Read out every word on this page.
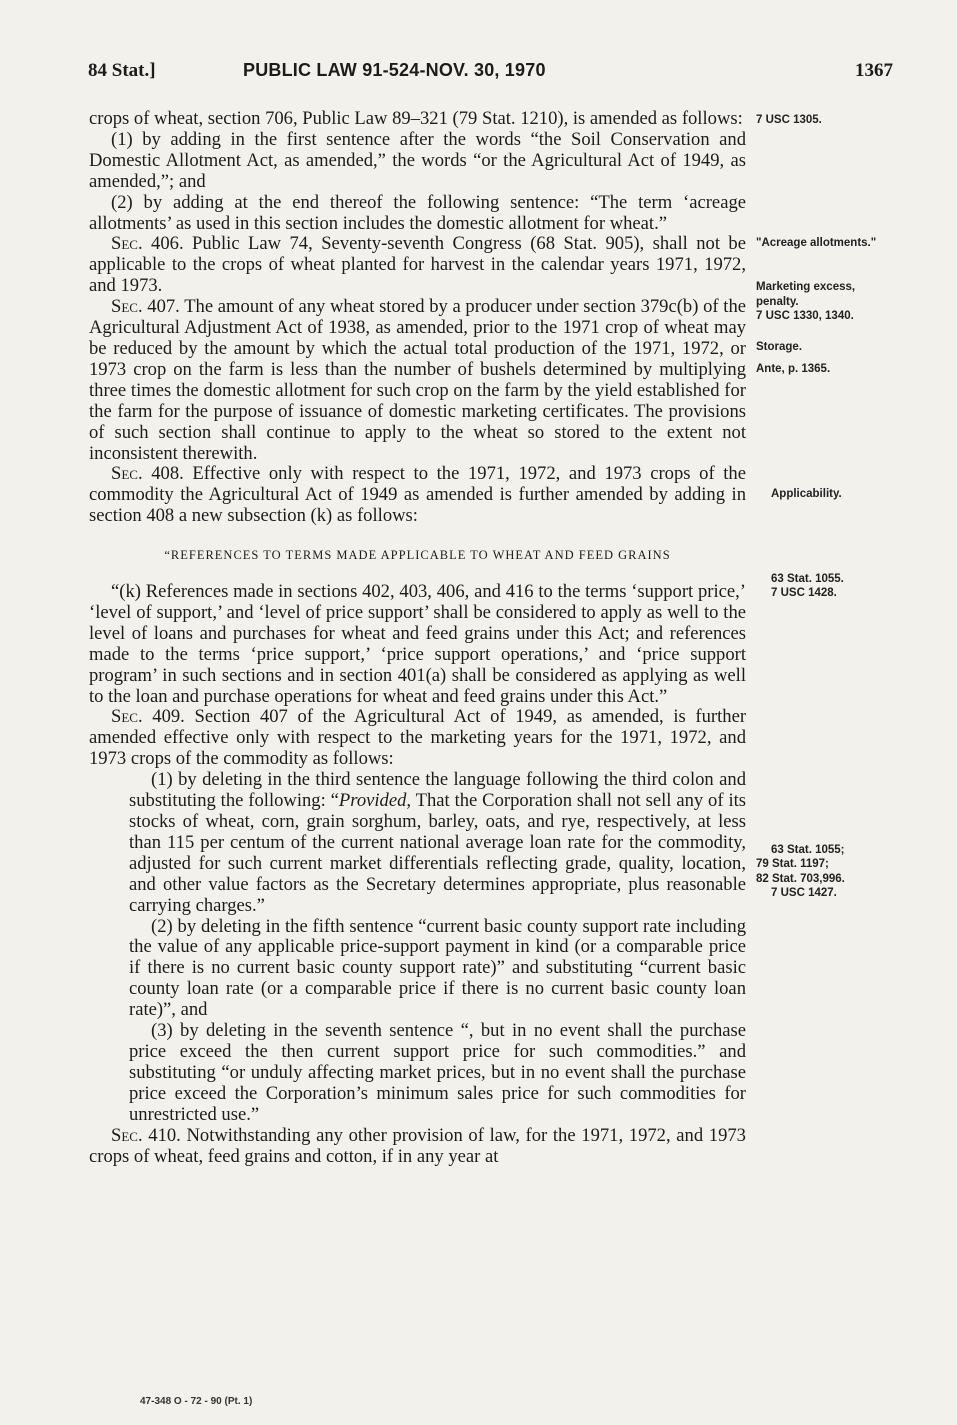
84 Stat.]	PUBLIC LAW 91-524-NOV. 30, 1970	1367

crops of wheat, section 706, Public Law 89–321 (79 Stat. 1210), is amended as follows:

(1) by adding in the first sentence after the words “the Soil Conservation and Domestic Allotment Act, as amended,” the words “or the Agricultural Act of 1949, as amended,”; and

(2) by adding at the end thereof the following sentence: “The term ‘acreage allotments’ as used in this section includes the domestic allotment for wheat.”

Sec. 406. Public Law 74, Seventy-seventh Congress (68 Stat. 905), shall not be applicable to the crops of wheat planted for harvest in the calendar years 1971, 1972, and 1973.

Sec. 407. The amount of any wheat stored by a producer under section 379c(b) of the Agricultural Adjustment Act of 1938, as amended, prior to the 1971 crop of wheat may be reduced by the amount by which the actual total production of the 1971, 1972, or 1973 crop on the farm is less than the number of bushels determined by multiplying three times the domestic allotment for such crop on the farm by the yield established for the farm for the purpose of issuance of domestic marketing certificates. The provisions of such section shall continue to apply to the wheat so stored to the extent not inconsistent therewith.

Sec. 408. Effective only with respect to the 1971, 1972, and 1973 crops of the commodity the Agricultural Act of 1949 as amended is further amended by adding in section 408 a new subsection (k) as follows:

“REFERENCES TO TERMS MADE APPLICABLE TO WHEAT AND FEED GRAINS

“(k) References made in sections 402, 403, 406, and 416 to the terms ‘support price,’ ‘level of support,’ and ‘level of price support’ shall be considered to apply as well to the level of loans and purchases for wheat and feed grains under this Act; and references made to the terms ‘price support,’ ‘price support operations,’ and ‘price support program’ in such sections and in section 401(a) shall be considered as applying as well to the loan and purchase operations for wheat and feed grains under this Act.”

Sec. 409. Section 407 of the Agricultural Act of 1949, as amended, is further amended effective only with respect to the marketing years for the 1971, 1972, and 1973 crops of the commodity as follows:

(1) by deleting in the third sentence the language following the third colon and substituting the following: “Provided, That the Corporation shall not sell any of its stocks of wheat, corn, grain sorghum, barley, oats, and rye, respectively, at less than 115 per centum of the current national average loan rate for the commodity, adjusted for such current market differentials reflecting grade, quality, location, and other value factors as the Secretary determines appropriate, plus reasonable carrying charges.”

(2) by deleting in the fifth sentence “current basic county support rate including the value of any applicable price-support payment in kind (or a comparable price if there is no current basic county support rate)” and substituting “current basic county loan rate (or a comparable price if there is no current basic county loan rate)”, and

(3) by deleting in the seventh sentence “, but in no event shall the purchase price exceed the then current support price for such commodities.” and substituting “or unduly affecting market prices, but in no event shall the purchase price exceed the Corporation’s minimum sales price for such commodities for unrestricted use.”

Sec. 410. Notwithstanding any other provision of law, for the 1971, 1972, and 1973 crops of wheat, feed grains and cotton, if in any year at

7 USC 1305.
"Acreage allotments."
Marketing excess, penalty.
7 USC 1330, 1340.
Storage.
Ante, p. 1365.
Applicability.
63 Stat. 1055.
7 USC 1428.
63 Stat. 1055;
79 Stat. 1197;
82 Stat. 703,996.
7 USC 1427.
47-348 O - 72 - 90 (Pt. 1)
